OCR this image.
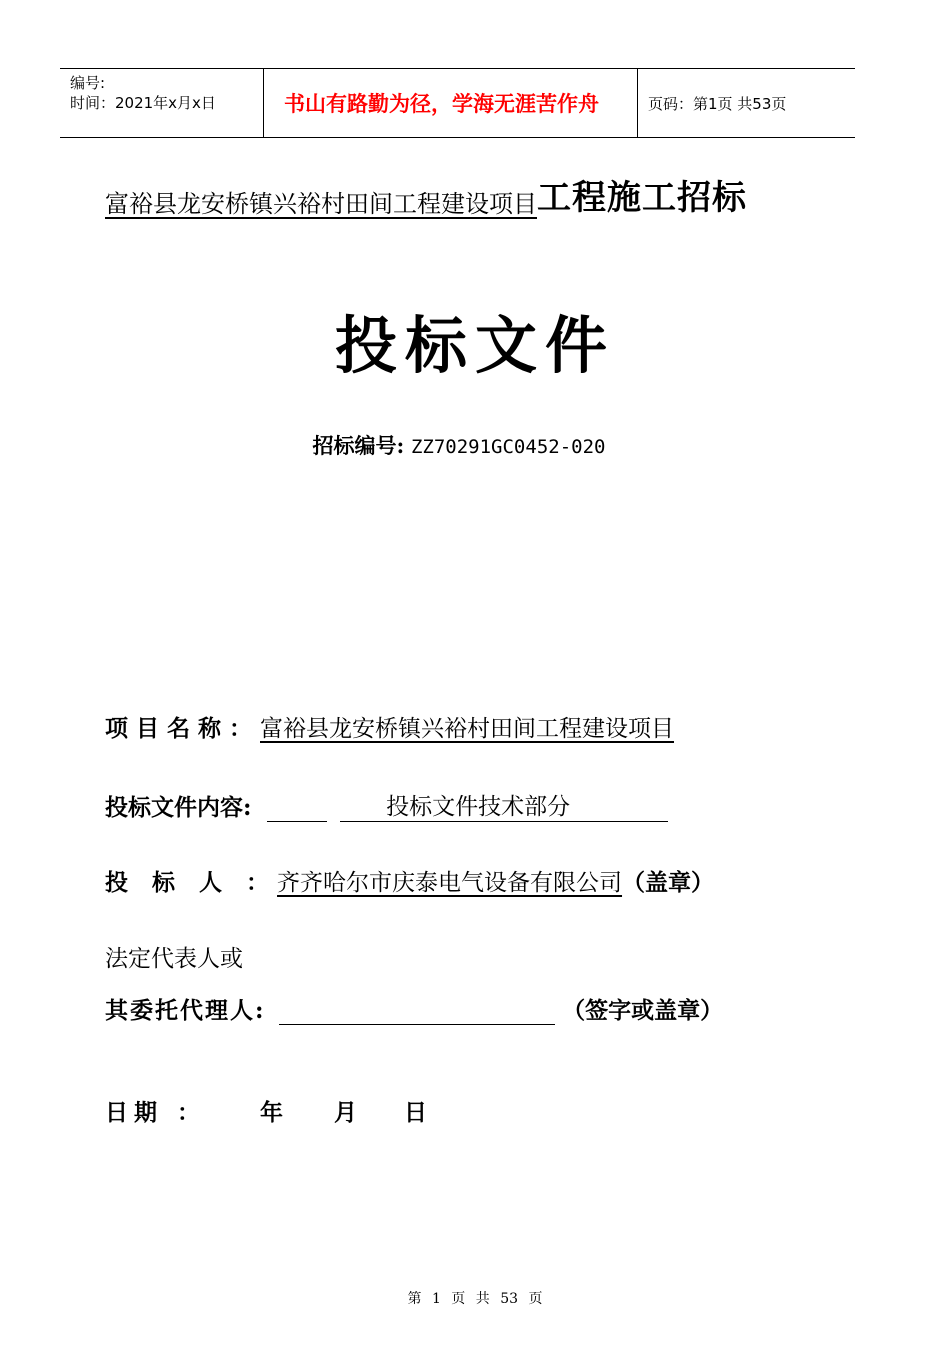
编号:
时间：2021年x月x日	书山有路勤为径，学海无涯苦作舟	页码：第1页 共53页
富裕县龙安桥镇兴裕村田间工程建设项目 工程施工招标
投标文件
招标编号: ZZ70291GC0452-020
项目名称：富裕县龙安桥镇兴裕村田间工程建设项目
投标文件内容:	投标文件技术部分
投 标 人 ：齐齐哈尔市庆泰电气设备有限公司（盖章）
法定代表人或
其委托代理人:	（签字或盖章）
日期 ： 年 月 日
第 1 页 共 53 页
